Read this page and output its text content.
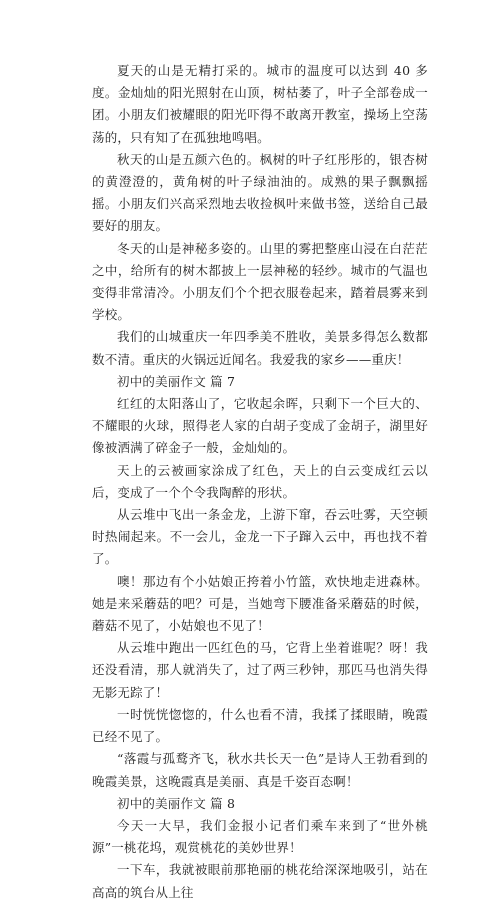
夏天的山是无精打采的。城市的温度可以达到 40 多度。金灿灿的阳光照射在山顶，树枯萎了，叶子全部卷成一团。小朋友们被耀眼的阳光吓得不敢离开教室，操场上空荡荡的，只有知了在孤独地鸣唱。
秋天的山是五颜六色的。枫树的叶子红彤彤的，银杏树的黄澄澄的，黄角树的叶子绿油油的。成熟的果子飘飘摇摇。小朋友们兴高采烈地去收捡枫叶来做书签，送给自己最要好的朋友。
冬天的山是神秘多姿的。山里的雾把整座山浸在白茫茫之中，给所有的树木都披上一层神秘的轻纱。城市的气温也变得非常清冷。小朋友们个个把衣服卷起来，踏着晨雾来到学校。
我们的山城重庆一年四季美不胜收，美景多得怎么数都数不清。重庆的火锅远近闻名。我爱我的家乡——重庆！
初中的美丽作文 篇 7
红红的太阳落山了，它收起余晖，只剩下一个巨大的、不耀眼的火球，照得老人家的白胡子变成了金胡子，湖里好像被洒满了碎金子一般，金灿灿的。
天上的云被画家涂成了红色，天上的白云变成红云以后，变成了一个个令我陶醉的形状。
从云堆中飞出一条金龙，上游下窜，吞云吐雾，天空顿时热闹起来。不一会儿，金龙一下子蹿入云中，再也找不着了。
噢！那边有个小姑娘正挎着小竹篮，欢快地走进森林。她是来采蘑菇的吧？可是，当她弯下腰准备采蘑菇的时候，蘑菇不见了，小姑娘也不见了！
从云堆中跑出一匹红色的马，它背上坐着谁呢？呀！我还没看清，那人就消失了，过了两三秒钟，那匹马也消失得无影无踪了！
一时恍恍惚惚的，什么也看不清，我揉了揉眼睛，晚霞已经不见了。
“落霞与孤鹜齐飞，秋水共长天一色”是诗人王勃看到的晚霞美景，这晚霞真是美丽、真是千姿百态啊！
初中的美丽作文 篇 8
今天一大早，我们金报小记者们乘车来到了“世外桃源”一桃花坞，观赏桃花的美妙世界！
一下车，我就被眼前那艳丽的桃花给深深地吸引，站在高高的筑台从上往
